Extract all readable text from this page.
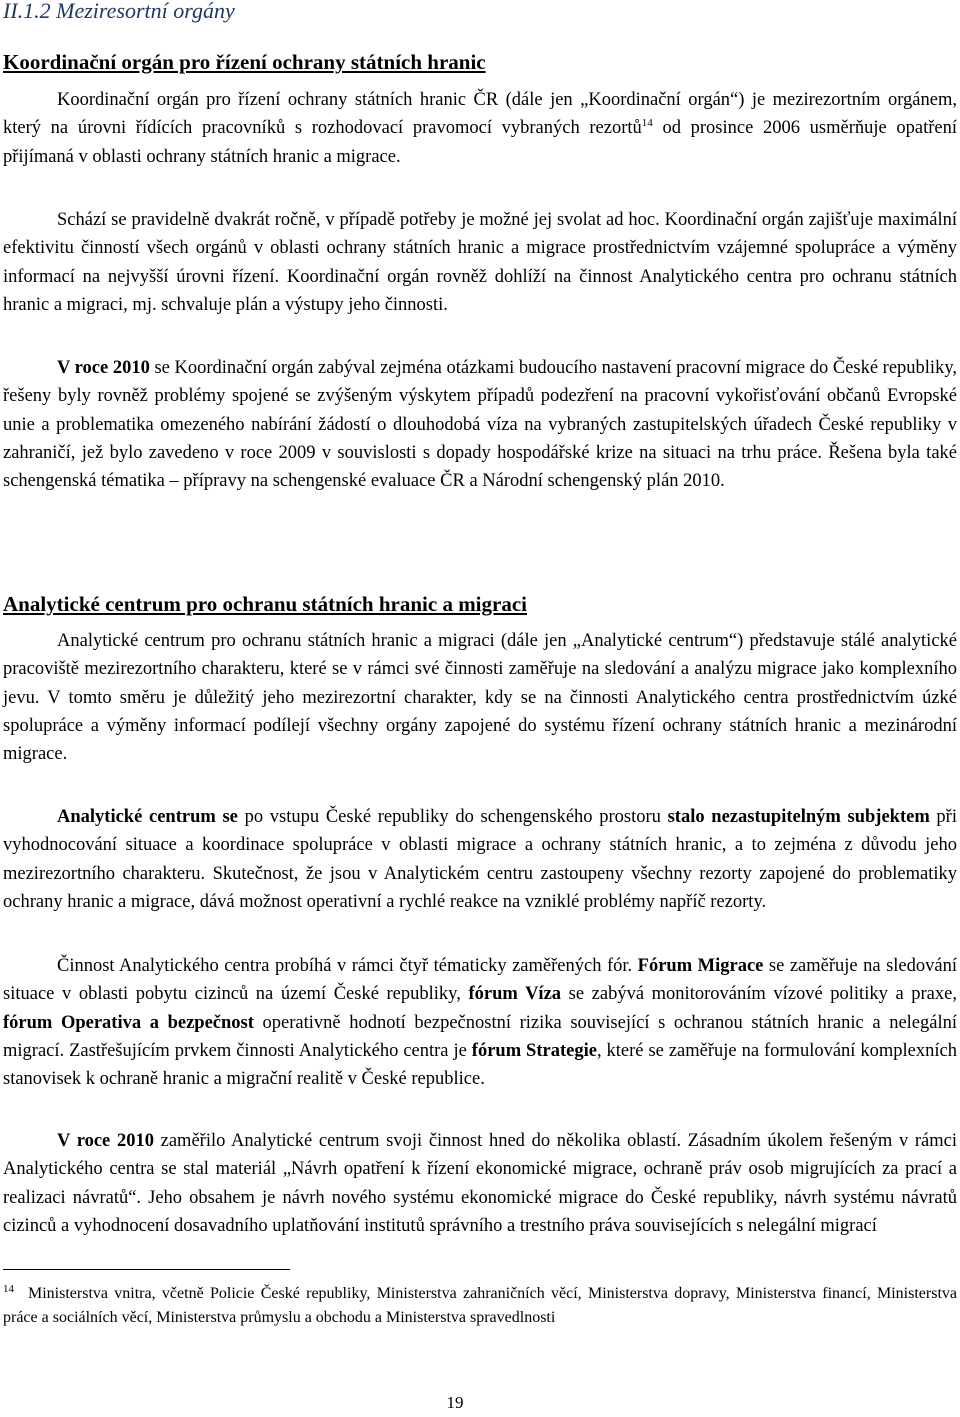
II.1.2 Meziresortní orgány
Koordinační orgán pro řízení ochrany státních hranic

Koordinační orgán pro řízení ochrany státních hranic ČR (dále jen „Koordinační orgán“) je mezirezortním orgánem, který na úrovni řídících pracovníků s rozhodovací pravomocí vybraných rezortů$^{14}$ od prosince 2006 usměrňuje opatření přijímaná v oblasti ochrany státních hranic a migrace.

Schází se pravidelně dvakrát ročně, v případě potřeby je možné jej svolat ad hoc. Koordinační orgán zajišťuje maximální efektivitu činností všech orgánů v oblasti ochrany státních hranic a migrace prostřednictvím vzájemné spolupráce a výměny informací na nejvyšší úrovni řízení. Koordinační orgán rovněž dohlíží na činnost Analytického centra pro ochranu státních hranic a migraci, mj. schvaluje plán a výstupy jeho činnosti.

V roce 2010 se Koordinační orgán zabýval zejména otázkami budoucího nastavení pracovní migrace do České republiky, řešeny byly rovněž problémy spojené se zvýšeným výskytem případů podezření na pracovní vykořisťování občanů Evropské unie a problematika omezeného nabírání žádostí o dlouhodobá víza na vybraných zastupitelských úřadech České republiky v zahraničí, jež bylo zavedeno v roce 2009 v souvislosti s dopady hospodářské krize na situaci na trhu práce. Řešena byla také schengenská tématika – přípravy na schengenské evaluace ČR a Národní schengenský plán 2010.

Analytické centrum pro ochranu státních hranic a migraci

Analytické centrum pro ochranu státních hranic a migraci (dále jen „Analytické centrum“) představuje stálé analytické pracoviště mezirezortního charakteru, které se v rámci své činnosti zaměřuje na sledování a analýzu migrace jako komplexního jevu. V tomto směru je důležitý jeho mezirezortní charakter, kdy se na činnosti Analytického centra prostřednictvím úzké spolupráce a výměny informací podílejí všechny orgány zapojené do systému řízení ochrany státních hranic a mezinárodní migrace.

Analytické centrum se po vstupu České republiky do schengenského prostoru stalo nezastupitelným subjektem při vyhodnocování situace a koordinace spolupráce v oblasti migrace a ochrany státních hranic, a to zejména z důvodu jeho mezirezortního charakteru. Skutečnost, že jsou v Analytickém centru zastoupeny všechny rezorty zapojené do problematiky ochrany hranic a migrace, dává možnost operativní a rychlé reakce na vzniklé problémy napříč rezorty.

Činnost Analytického centra probíhá v rámci čtyř tématicky zaměřených fór. Fórum Migrace se zaměřuje na sledování situace v oblasti pobytu cizinců na území České republiky, fórum Víza se zabývá monitorováním vízové politiky a praxe, fórum Operativa a bezpečnost operativně hodnotí bezpečnostní rizika související s ochranou státních hranic a nelegální migrací. Zastřešujícím prvkem činnosti Analytického centra je fórum Strategie, které se zaměřuje na formulování komplexních stanovisek k ochraně hranic a migrační realitě v České republice.

V roce 2010 zaměřilo Analytické centrum svoji činnost hned do několika oblastí. Zásadním úkolem řešeným v rámci Analytického centra se stal materiál „Návrh opatření k řízení ekonomické migrace, ochraně práv osob migrujících za prací a realizaci návratů“. Jeho obsahem je návrh nového systému ekonomické migrace do České republiky, návrh systému návratů cizinců a vyhodnocení dosavadního uplatňování institutů správního a trestního práva souvisejících s nelegální migrací

$^{14}$ Ministerstva vnitra, včetně Policie České republiky, Ministerstva zahraničních věcí, Ministerstva dopravy, Ministerstva financí, Ministerstva práce a sociálních věcí, Ministerstva průmyslu a obchodu a Ministerstva spravedlnosti

19
